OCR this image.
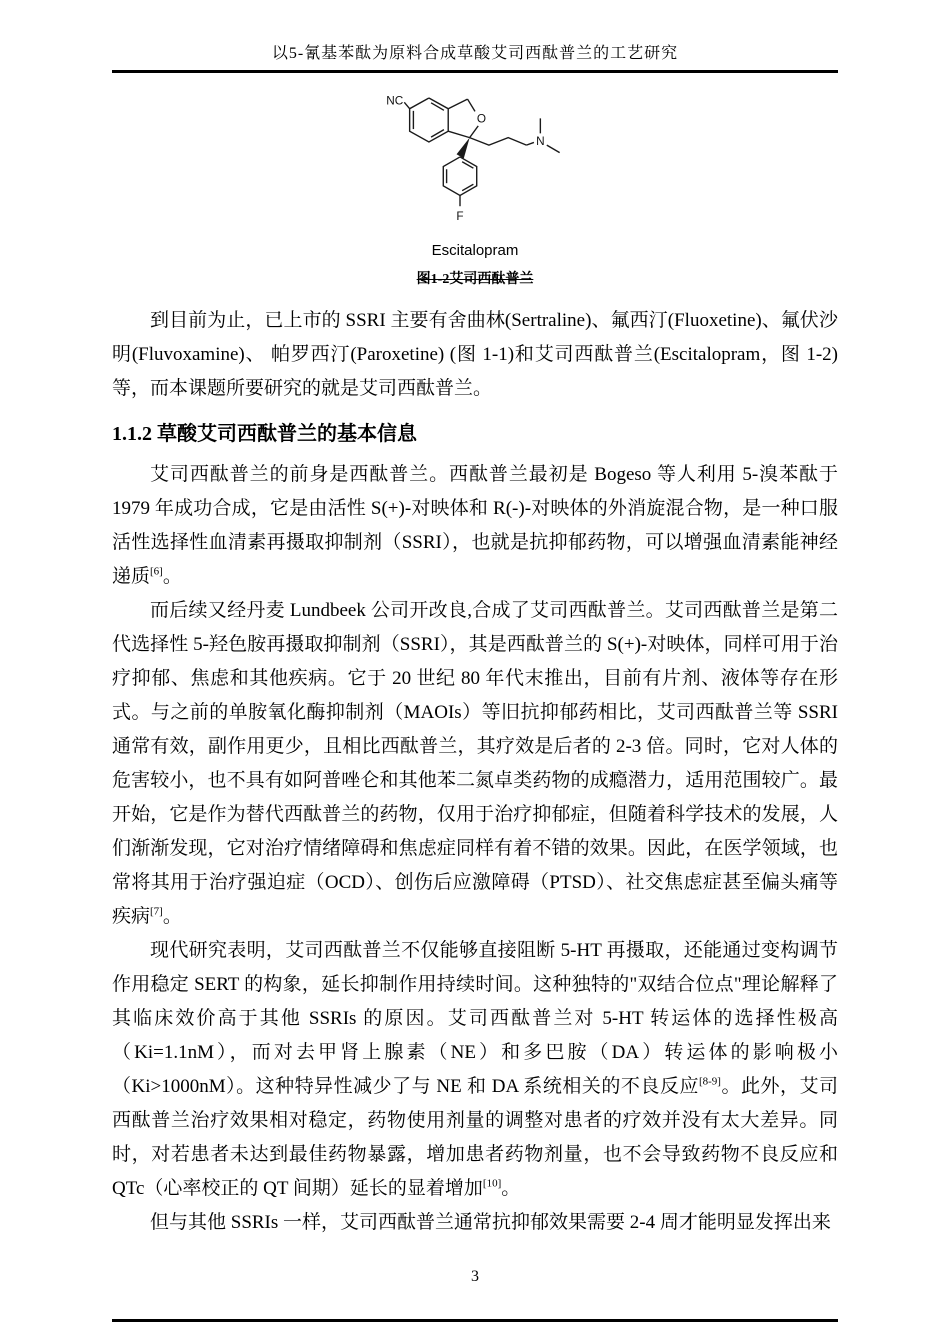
以5-氰基苯酞为原料合成草酸艾司西酞普兰的工艺研究
NC
O
F
N
Escitalopram
图1-2艾司西酞普兰

到目前为止，已上市的 SSRI 主要有舍曲林(Sertraline)、氟西汀(Fluoxetine)、氟伏沙明(Fluvoxamine)、 帕罗西汀(Paroxetine) (图 1-1)和艾司西酞普兰(Escitalopram，图 1-2) 等，而本课题所要研究的就是艾司西酞普兰。

1.1.2 草酸艾司西酞普兰的基本信息

艾司西酞普兰的前身是西酞普兰。西酞普兰最初是 Bogeso 等人利用 5-溴苯酞于 1979 年成功合成，它是由活性 S(+)-对映体和 R(-)-对映体的外消旋混合物，是一种口服活性选择性血清素再摄取抑制剂（SSRI），也就是抗抑郁药物，可以增强血清素能神经递质[6]。

而后续又经丹麦 Lundbeek 公司开改良,合成了艾司西酞普兰。艾司西酞普兰是第二代选择性 5-羟色胺再摄取抑制剂（SSRI），其是西酞普兰的 S(+)-对映体，同样可用于治疗抑郁、焦虑和其他疾病。它于 20 世纪 80 年代末推出，目前有片剂、液体等存在形式。与之前的单胺氧化酶抑制剂（MAOIs）等旧抗抑郁药相比，艾司西酞普兰等 SSRI 通常有效，副作用更少，且相比西酞普兰，其疗效是后者的 2-3 倍。同时，它对人体的危害较小，也不具有如阿普唑仑和其他苯二氮卓类药物的成瘾潜力，适用范围较广。最开始，它是作为替代西酞普兰的药物，仅用于治疗抑郁症，但随着科学技术的发展，人们渐渐发现，它对治疗情绪障碍和焦虑症同样有着不错的效果。因此，在医学领域，也常将其用于治疗强迫症（OCD）、创伤后应激障碍（PTSD）、社交焦虑症甚至偏头痛等疾病[7]。

现代研究表明，艾司西酞普兰不仅能够直接阻断 5-HT 再摄取，还能通过变构调节作用稳定 SERT 的构象，延长抑制作用持续时间。这种独特的"双结合位点"理论解释了其临床效价高于其他 SSRIs 的原因。艾司西酞普兰对 5-HT 转运体的选择性极高（Ki=1.1nM），而对去甲肾上腺素（NE）和多巴胺（DA）转运体的影响极小（Ki>1000nM）。这种特异性减少了与 NE 和 DA 系统相关的不良反应[8-9]。此外，艾司西酞普兰治疗效果相对稳定，药物使用剂量的调整对患者的疗效并没有太大差异。同时，对若患者未达到最佳药物暴露，增加患者药物剂量，也不会导致药物不良反应和 QTc（心率校正的 QT 间期）延长的显着增加[10]。

但与其他 SSRIs 一样，艾司西酞普兰通常抗抑郁效果需要 2-4 周才能明显发挥出来

3
